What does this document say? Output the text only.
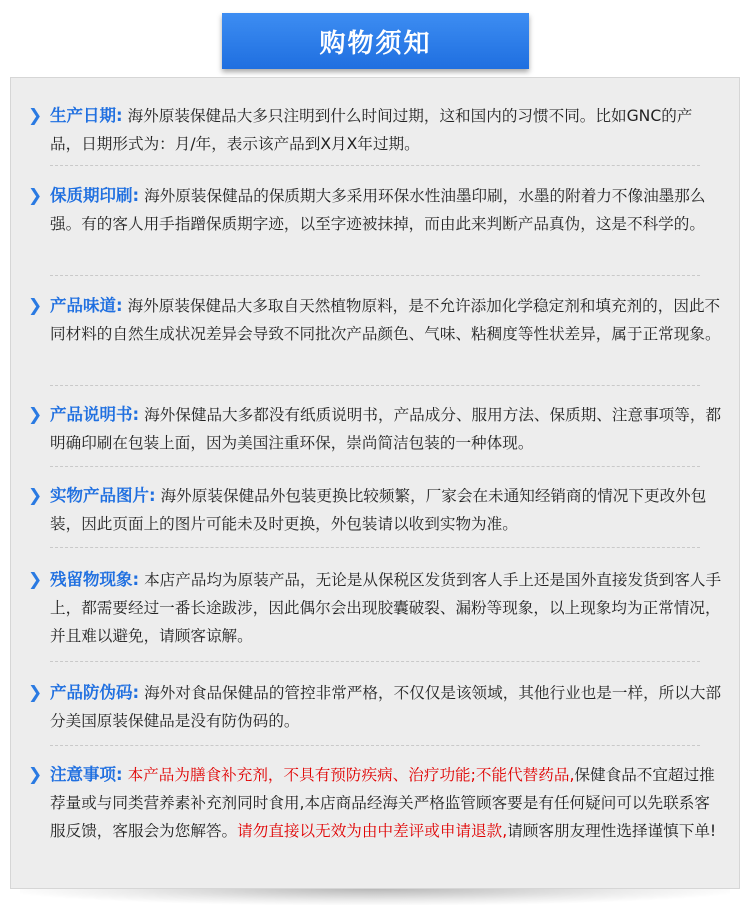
购物须知
❯ 生产日期: 海外原装保健品大多只注明到什么时间过期，这和国内的习惯不同。比如GNC的产品，日期形式为：月/年，表示该产品到X月X年过期。
❯ 保质期印刷: 海外原装保健品的保质期大多采用环保水性油墨印刷，水墨的附着力不像油墨那么强。有的客人用手指蹭保质期字迹，以至字迹被抹掉，而由此来判断产品真伪，这是不科学的。
❯ 产品味道: 海外原装保健品大多取自天然植物原料，是不允许添加化学稳定剂和填充剂的，因此不同材料的自然生成状况差异会导致不同批次产品颜色、气味、粘稠度等性状差异，属于正常现象。
❯ 产品说明书: 海外保健品大多都没有纸质说明书，产品成分、服用方法、保质期、注意事项等，都明确印刷在包装上面，因为美国注重环保，崇尚简洁包装的一种体现。
❯ 实物产品图片: 海外原装保健品外包装更换比较频繁，厂家会在未通知经销商的情况下更改外包装，因此页面上的图片可能未及时更换，外包装请以收到实物为准。
❯ 残留物现象: 本店产品均为原装产品，无论是从保税区发货到客人手上还是国外直接发货到客人手上，都需要经过一番长途跋涉，因此偶尔会出现胶囊破裂、漏粉等现象，以上现象均为正常情况，并且难以避免，请顾客谅解。
❯ 产品防伪码: 海外对食品保健品的管控非常严格，不仅仅是该领域，其他行业也是一样，所以大部分美国原装保健品是没有防伪码的。
❯ 注意事项: 本产品为膳食补充剂，不具有预防疾病、治疗功能;不能代替药品,保健食品不宜超过推荐量或与同类营养素补充剂同时食用,本店商品经海关严格监管顾客要是有任何疑问可以先联系客服反馈，客服会为您解答。请勿直接以无效为由中差评或申请退款,请顾客朋友理性选择谨慎下单!
